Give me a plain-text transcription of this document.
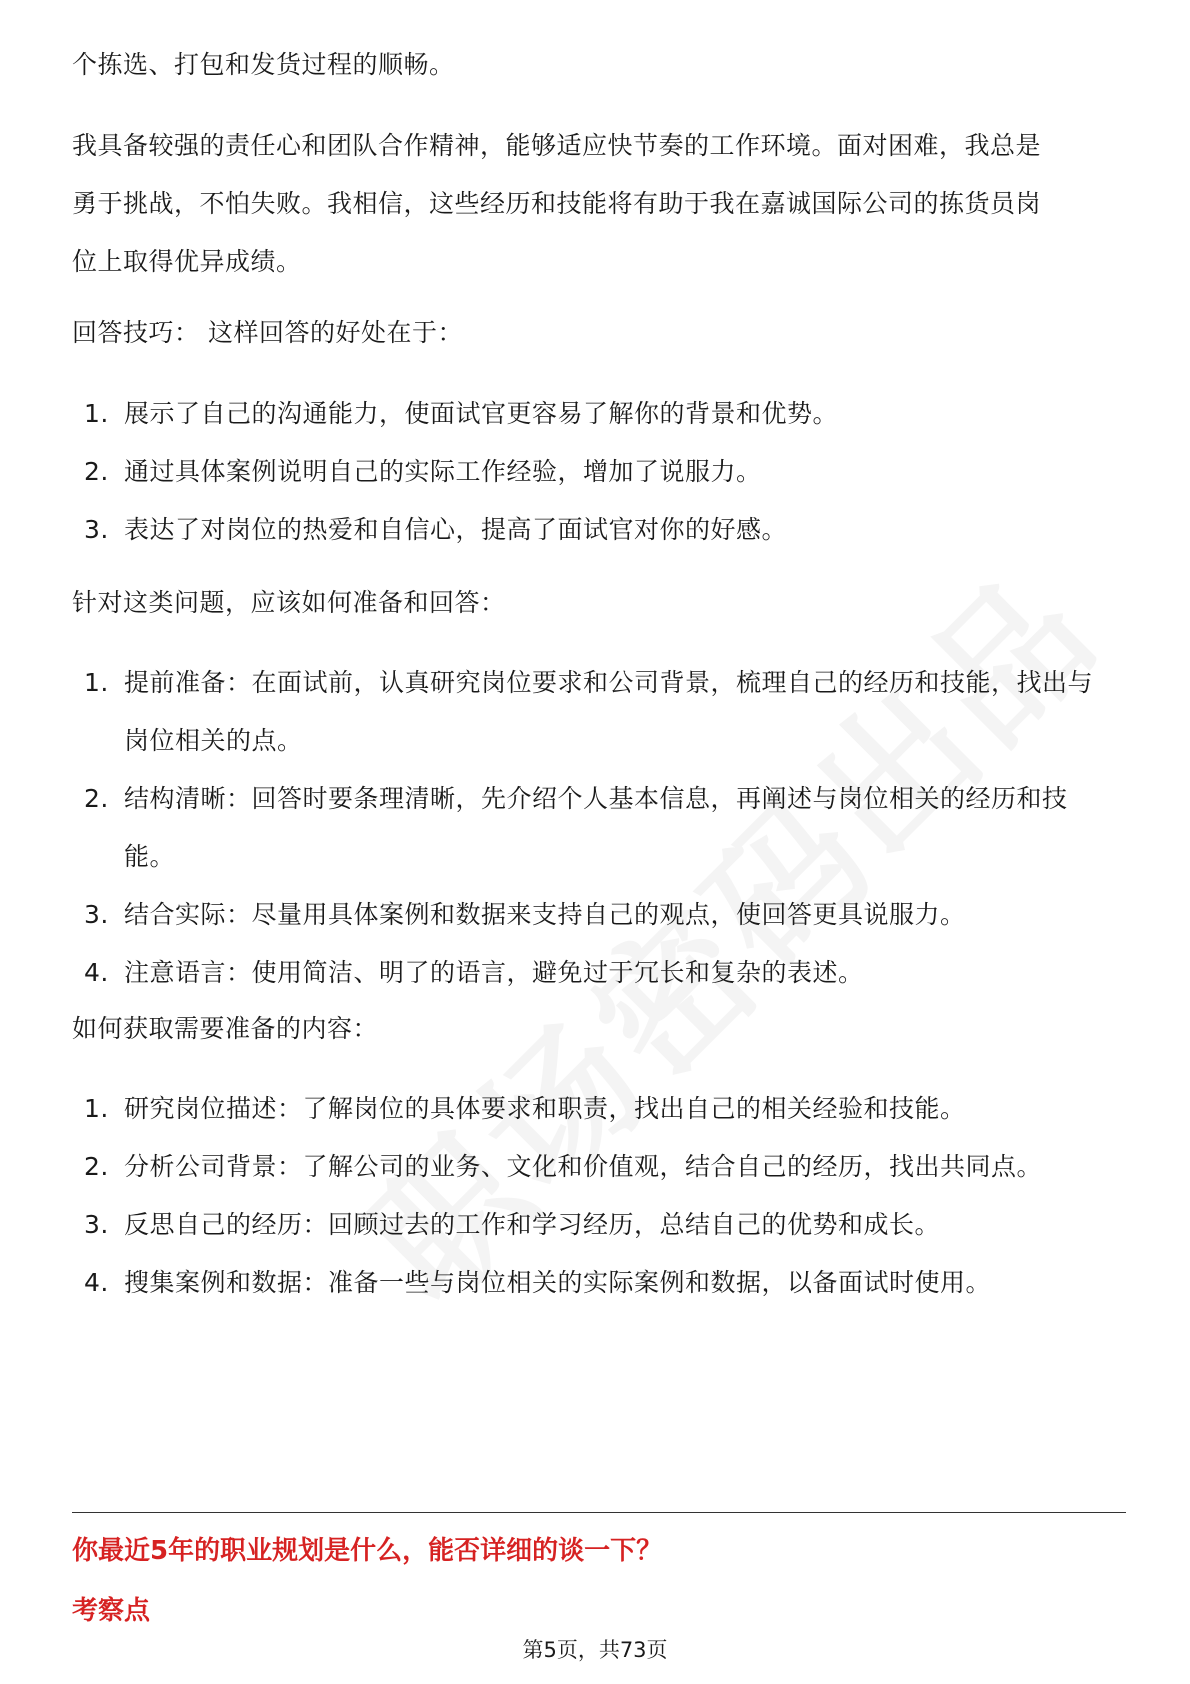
个拣选、打包和发货过程的顺畅。

我具备较强的责任心和团队合作精神，能够适应快节奏的工作环境。面对困难，我总是勇于挑战，不怕失败。我相信，这些经历和技能将有助于我在嘉诚国际公司的拣货员岗位上取得优异成绩。

回答技巧： 这样回答的好处在于：

1. 展示了自己的沟通能力，使面试官更容易了解你的背景和优势。
2. 通过具体案例说明自己的实际工作经验，增加了说服力。
3. 表达了对岗位的热爱和自信心，提高了面试官对你的好感。

针对这类问题，应该如何准备和回答：

1. 提前准备：在面试前，认真研究岗位要求和公司背景，梳理自己的经历和技能，找出与岗位相关的点。
2. 结构清晰：回答时要条理清晰，先介绍个人基本信息，再阐述与岗位相关的经历和技能。
3. 结合实际：尽量用具体案例和数据来支持自己的观点，使回答更具说服力。
4. 注意语言：使用简洁、明了的语言，避免过于冗长和复杂的表述。

如何获取需要准备的内容：

1. 研究岗位描述：了解岗位的具体要求和职责，找出自己的相关经验和技能。
2. 分析公司背景：了解公司的业务、文化和价值观，结合自己的经历，找出共同点。
3. 反思自己的经历：回顾过去的工作和学习经历，总结自己的优势和成长。
4. 搜集案例和数据：准备一些与岗位相关的实际案例和数据，以备面试时使用。
你最近5年的职业规划是什么，能否详细的谈一下？
考察点
第5页，共73页
